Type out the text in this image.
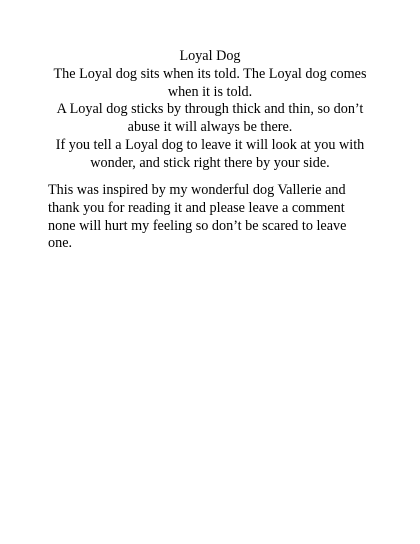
Loyal Dog

The Loyal dog sits when its told. The Loyal dog comes when it is told.

A Loyal dog sticks by through thick and thin, so don’t abuse it will always be there.

If you tell a Loyal dog to leave it will look at you with wonder, and stick right there by your side.

This was inspired by my wonderful dog Vallerie and thank you for reading it and please leave a comment none will hurt my feeling so don’t be scared to leave one.
